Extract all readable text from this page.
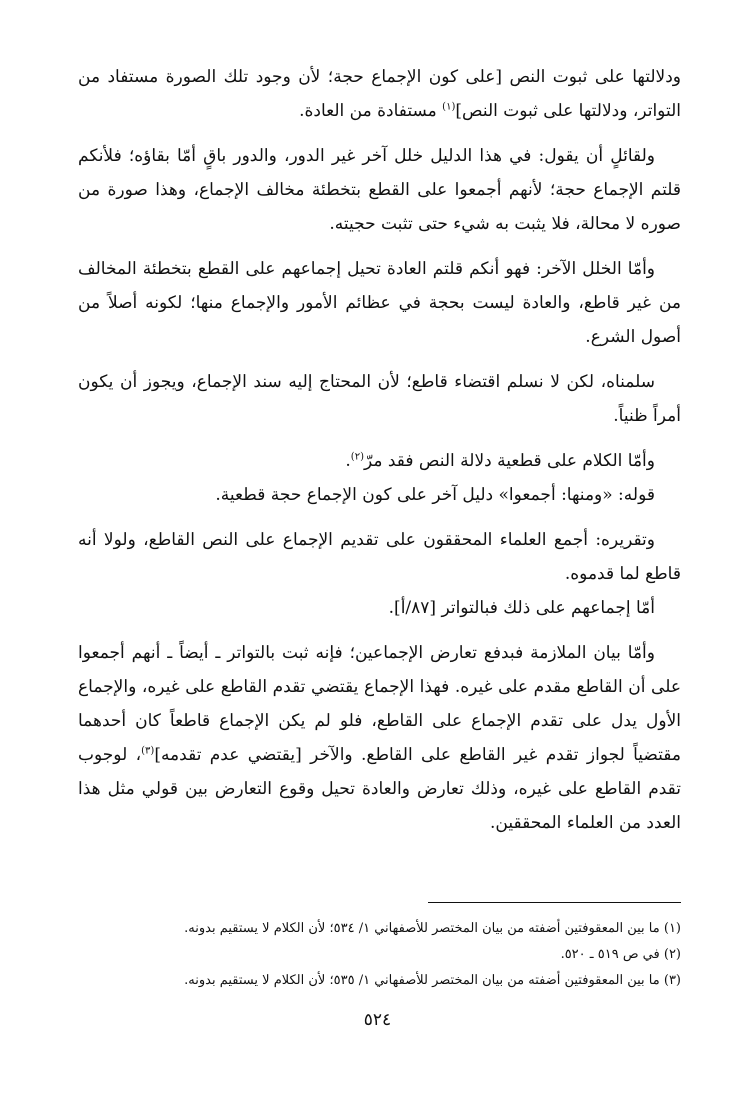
ودلالتها على ثبوت النص [على كون الإجماع حجة؛ لأن وجود تلك الصورة مستفاد من التواتر، ودلالتها على ثبوت النص]$^{(١)}$ مستفادة من العادة.

ولقائلٍ أن يقول: في هذا الدليل خلل آخر غير الدور، والدور باقٍ أمّا بقاؤه؛ فلأنكم قلتم الإجماع حجة؛ لأنهم أجمعوا على القطع بتخطئة مخالف الإجماع، وهذا صورة من صوره لا محالة، فلا يثبت به شيء حتى تثبت حجيته.

وأمّا الخلل الآخر: فهو أنكم قلتم العادة تحيل إجماعهم على القطع بتخطئة المخالف من غير قاطع، والعادة ليست بحجة في عظائم الأمور والإجماع منها؛ لكونه أصلاً من أصول الشرع.

سلمناه، لكن لا نسلم اقتضاء قاطع؛ لأن المحتاج إليه سند الإجماع، ويجوز أن يكون أمراً ظنياً.

وأمّا الكلام على قطعية دلالة النص فقد مرّ$^{(٢)}$.

قوله: «ومنها: أجمعوا» دليل آخر على كون الإجماع حجة قطعية.

وتقريره: أجمع العلماء المحققون على تقديم الإجماع على النص القاطع، ولولا أنه قاطع لما قدموه.

أمّا إجماعهم على ذلك فبالتواتر [٨٧/أ].

وأمّا بيان الملازمة فبدفع تعارض الإجماعين؛ فإنه ثبت بالتواتر ـ أيضاً ـ أنهم أجمعوا على أن القاطع مقدم على غيره. فهذا الإجماع يقتضي تقدم القاطع على غيره، والإجماع الأول يدل على تقدم الإجماع على القاطع، فلو لم يكن الإجماع قاطعاً كان أحدهما مقتضياً لجواز تقدم غير القاطع على القاطع. والآخر [يقتضي عدم تقدمه]$^{(٣)}$، لوجوب تقدم القاطع على غيره، وذلك تعارض والعادة تحيل وقوع التعارض بين قولي مثل هذا العدد من العلماء المحققين.

(١) ما بين المعقوفتين أضفته من بيان المختصر للأصفهاني ١/ ٥٣٤؛ لأن الكلام لا يستقيم بدونه.

(٢) في ص ٥١٩ ـ ٥٢٠.

(٣) ما بين المعقوفتين أضفته من بيان المختصر للأصفهاني ١/ ٥٣٥؛ لأن الكلام لا يستقيم بدونه.

٥٢٤
